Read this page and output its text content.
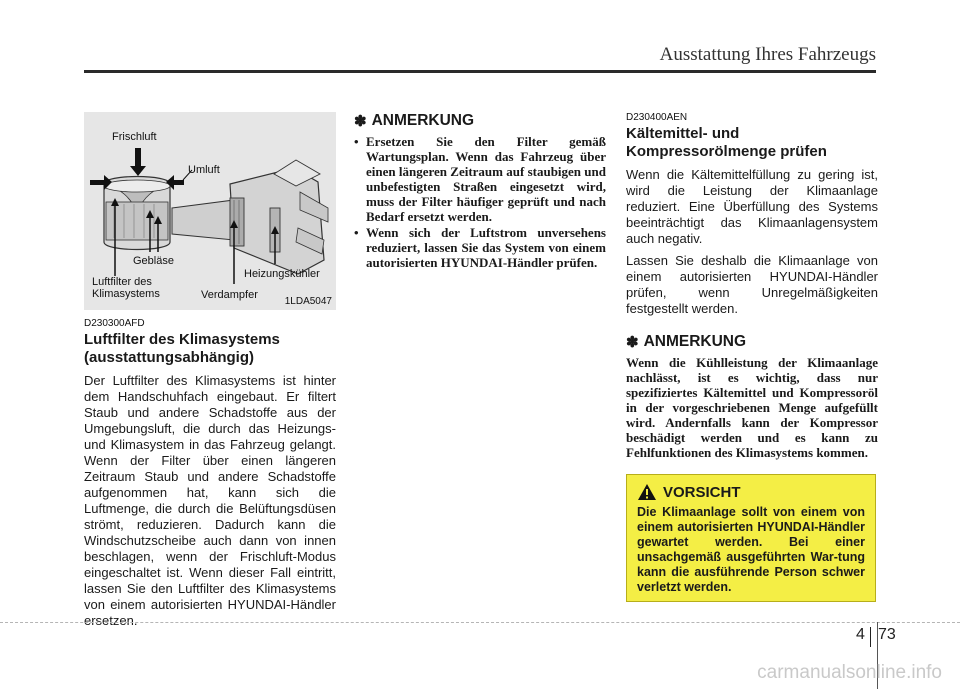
Ausstattung Ihres Fahrzeugs
Frischluft
Umluft
Gebläse
Luftfilter des
Klimasystems
Heizungskühler
Verdampfer
1LDA5047
D230300AFD
Luftfilter des Klimasystems (ausstattungsabhängig)

Der Luftfilter des Klimasystems ist hinter dem Handschuhfach eingebaut. Er filtert Staub und andere Schadstoffe aus der Umgebungsluft, die durch das Heizungs- und Klimasystem in das Fahrzeug gelangt. Wenn der Filter über einen längeren Zeitraum Staub und andere Schadstoffe aufgenommen hat, kann sich die Luftmenge, die durch die Belüftungsdüsen strömt, reduzieren. Dadurch kann die Windschutzscheibe auch dann von innen beschlagen, wenn der Frischluft-Modus eingeschaltet ist. Wenn dieser Fall eintritt, lassen Sie den Luftfilter des Klimasystems von einem autorisierten HYUNDAI-Händler ersetzen.

✽ ANMERKUNG
• Ersetzen Sie den Filter gemäß Wartungsplan. Wenn das Fahrzeug über einen längeren Zeitraum auf staubigen und unbefestigten Straßen eingesetzt wird, muss der Filter häufiger geprüft und nach Bedarf ersetzt werden.
• Wenn sich der Luftstrom unversehens reduziert, lassen Sie das System von einem autorisierten HYUNDAI-Händler prüfen.
D230400AEN
Kältemittel- und Kompressorölmenge prüfen

Wenn die Kältemittelfüllung zu gering ist, wird die Leistung der Klimaanlage reduziert. Eine Überfüllung des Systems beeinträchtigt das Klimaanlagensystem auch negativ.

Lassen Sie deshalb die Klimaanlage von einem autorisierten HYUNDAI-Händler prüfen, wenn Unregelmäßigkeiten festgestellt werden.

✽ ANMERKUNG

Wenn die Kühlleistung der Klimaanlage nachlässt, ist es wichtig, dass nur spezifiziertes Kältemittel und Kompressoröl in der vorgeschriebenen Menge aufgefüllt wird. Andernfalls kann der Kompressor beschädigt werden und es kann zu Fehlfunktionen des Klimasystems kommen.

VORSICHT
Die Klimaanlage sollt von einem von einem autorisierten HYUNDAI-Händler gewartet werden. Bei einer unsachgemäß ausgeführten War-tung kann die ausführende Person schwer verletzt werden.
4 73
carmanualsonline.info
